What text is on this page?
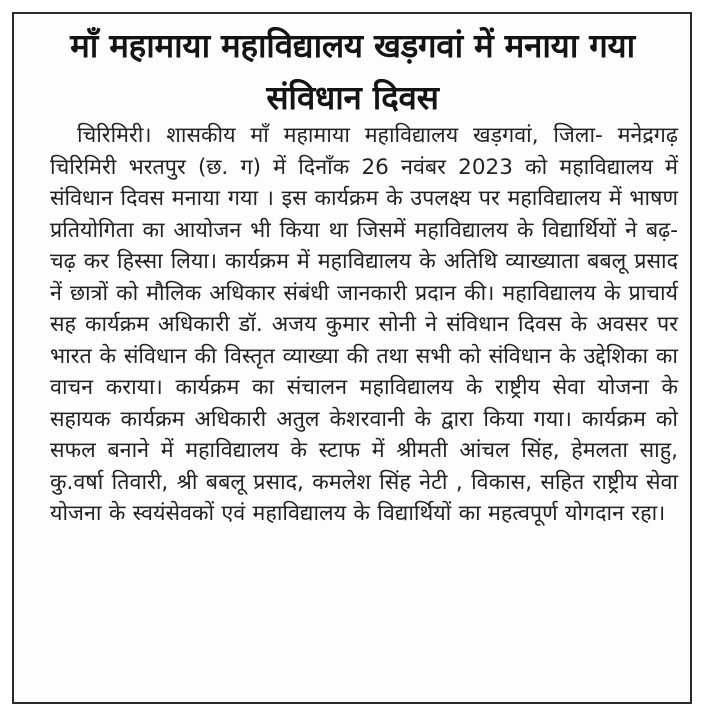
माँ महामाया महाविद्यालय खड़गवां में मनाया गया संविधान दिवस

चिरिमिरी। शासकीय माँ महामाया महाविद्यालय खड़गवां, जिला- मनेद्रगढ़ चिरिमिरी भरतपुर (छ. ग) में दिनाँक 26 नवंबर 2023 को महाविद्यालय में संविधान दिवस मनाया गया । इस कार्यक्रम के उपलक्ष्य पर महाविद्यालय में भाषण प्रतियोगिता का आयोजन भी किया था जिसमें महाविद्यालय के विद्यार्थियों ने बढ़- चढ़ कर हिस्सा लिया। कार्यक्रम में महाविद्यालय के अतिथि व्याख्याता बबलू प्रसाद नें छात्रों को मौलिक अधिकार संबंधी जानकारी प्रदान की। महाविद्यालय के प्राचार्य सह कार्यक्रम अधिकारी डॉ. अजय कुमार सोनी ने संविधान दिवस के अवसर पर भारत के संविधान की विस्तृत व्याख्या की तथा सभी को संविधान के उद्देशिका का वाचन कराया। कार्यक्रम का संचालन महाविद्यालय के राष्ट्रीय सेवा योजना के सहायक कार्यक्रम अधिकारी अतुल केशरवानी के द्वारा किया गया। कार्यक्रम को सफल बनाने में महाविद्यालय के स्टाफ में श्रीमती आंचल सिंह, हेमलता साहु, कु.वर्षा तिवारी, श्री बबलू प्रसाद, कमलेश सिंह नेटी , विकास, सहित राष्ट्रीय सेवा योजना के स्वयंसेवकों एवं महाविद्यालय के विद्यार्थियों का महत्वपूर्ण योगदान रहा।
